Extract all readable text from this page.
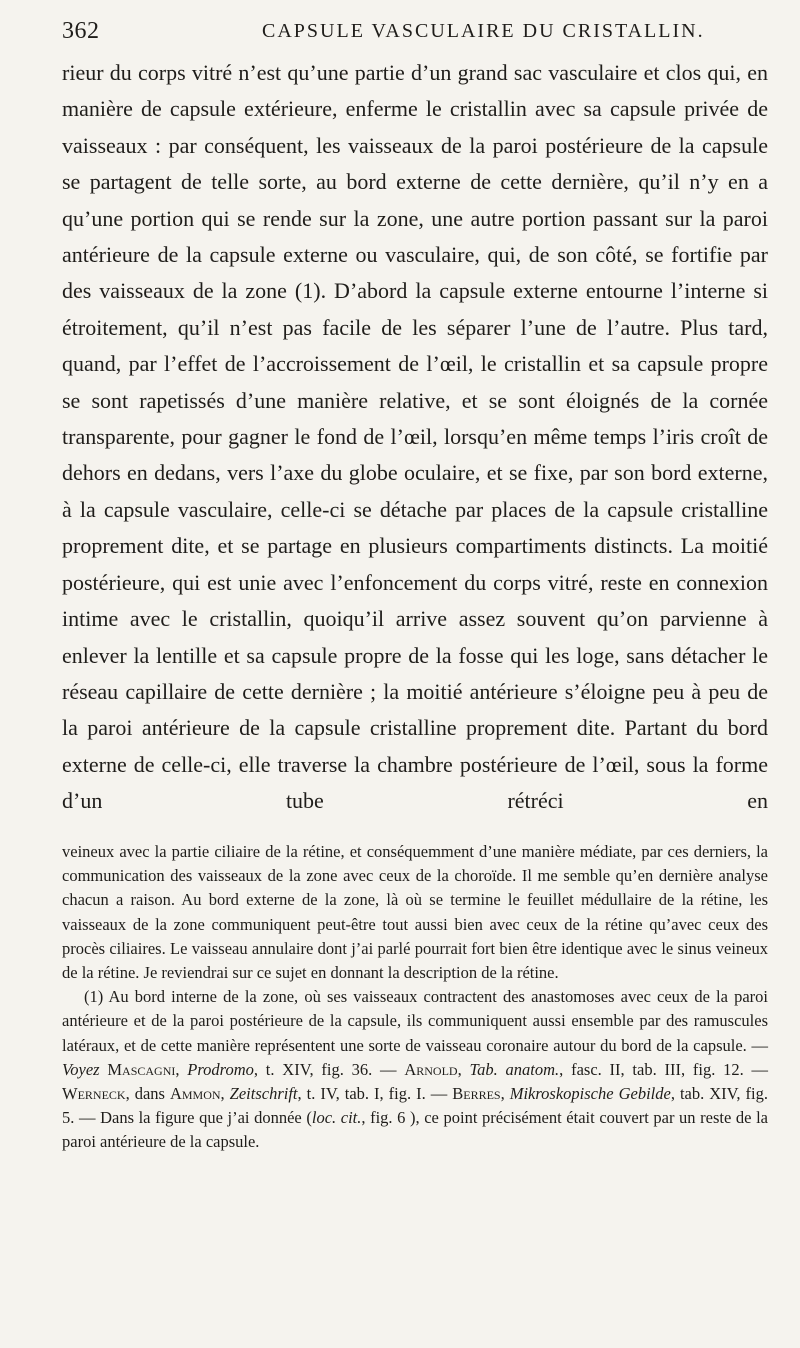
362	CAPSULE VASCULAIRE DU CRISTALLIN.

rieur du corps vitré n’est qu’une partie d’un grand sac vasculaire et clos qui, en manière de capsule extérieure, enferme le cristallin avec sa capsule privée de vaisseaux : par conséquent, les vaisseaux de la paroi postérieure de la capsule se partagent de telle sorte, au bord externe de cette dernière, qu’il n’y en a qu’une portion qui se rende sur la zone, une autre portion passant sur la paroi antérieure de la capsule externe ou vasculaire, qui, de son côté, se fortifie par des vaisseaux de la zone (1). D’abord la capsule externe entourne l’interne si étroitement, qu’il n’est pas facile de les séparer l’une de l’autre. Plus tard, quand, par l’effet de l’accroissement de l’œil, le cristallin et sa capsule propre se sont rapetissés d’une manière relative, et se sont éloignés de la cornée transparente, pour gagner le fond de l’œil, lorsqu’en même temps l’iris croît de dehors en dedans, vers l’axe du globe oculaire, et se fixe, par son bord externe, à la capsule vasculaire, celle-ci se détache par places de la capsule cristalline proprement dite, et se partage en plusieurs compartiments distincts. La moitié postérieure, qui est unie avec l’enfoncement du corps vitré, reste en connexion intime avec le cristallin, quoiqu’il arrive assez souvent qu’on parvienne à enlever la lentille et sa capsule propre de la fosse qui les loge, sans détacher le réseau capillaire de cette dernière ; la moitié antérieure s’éloigne peu à peu de la paroi antérieure de la capsule cristalline proprement dite. Partant du bord externe de celle-ci, elle traverse la chambre postérieure de l’œil, sous la forme d’un tube rétréci en

veineux avec la partie ciliaire de la rétine, et conséquemment d’une manière médiate, par ces derniers, la communication des vaisseaux de la zone avec ceux de la choroïde. Il me semble qu’en dernière analyse chacun a raison. Au bord externe de la zone, là où se termine le feuillet médullaire de la rétine, les vaisseaux de la zone communiquent peut-être tout aussi bien avec ceux de la rétine qu’avec ceux des procès ciliaires. Le vaisseau annulaire dont j’ai parlé pourrait fort bien être identique avec le sinus veineux de la rétine. Je reviendrai sur ce sujet en donnant la description de la rétine.

(1) Au bord interne de la zone, où ses vaisseaux contractent des anastomoses avec ceux de la paroi antérieure et de la paroi postérieure de la capsule, ils communiquent aussi ensemble par des ramuscules latéraux, et de cette manière représentent une sorte de vaisseau coronaire autour du bord de la capsule. — Voyez Mascagni, Prodromo, t. XIV, fig. 36. — Arnold, Tab. anatom., fasc. II, tab. III, fig. 12. — Werneck, dans Ammon, Zeitschrift, t. IV, tab. I, fig. I. — Berres, Mikroskopische Gebilde, tab. XIV, fig. 5. — Dans la figure que j’ai donnée (loc. cit., fig. 6 ), ce point précisément était couvert par un reste de la paroi antérieure de la capsule.
